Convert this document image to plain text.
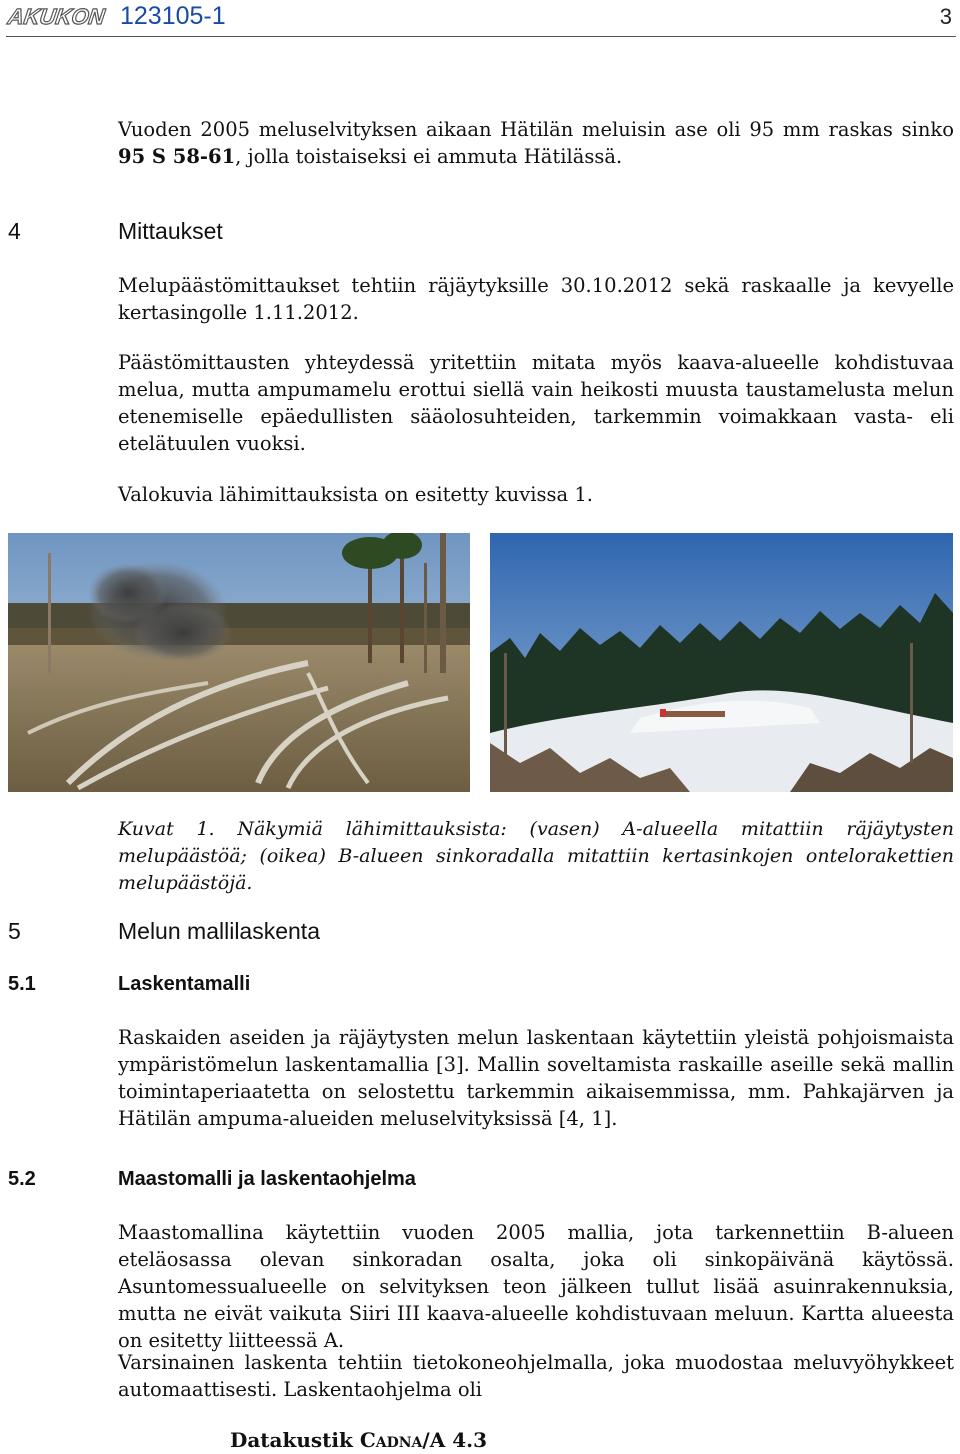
AKUKON 123105-1	3

Vuoden 2005 meluselvityksen aikaan Hätilän meluisin ase oli 95 mm raskas sinko 95 S 58-61, jolla toistaiseksi ei ammuta Hätilässä.

4	Mittaukset

Melupäästömittaukset tehtiin räjäytyksille 30.10.2012 sekä raskaalle ja kevyelle kertasingolle 1.11.2012.

Päästömittausten yhteydessä yritettiin mitata myös kaava-alueelle kohdistuvaa melua, mutta ampumamelu erottui siellä vain heikosti muusta taustamelusta melun etenemiselle epäedullisten sääolosuhteiden, tarkemmin voimakkaan vasta- eli etelätuulen vuoksi.

Valokuvia lähimittauksista on esitetty kuvissa 1.

Kuvat 1. Näkymiä lähimittauksista: (vasen) A-alueella mitattiin räjäytysten melupäästöä; (oikea) B-alueen sinkoradalla mitattiin kertasinkojen ontelorakettien melupäästöjä.

5	Melun mallilaskenta
5.1	Laskentamalli

Raskaiden aseiden ja räjäytysten melun laskentaan käytettiin yleistä pohjoismaista ympäristömelun laskentamallia [3]. Mallin soveltamista raskaille aseille sekä mallin toimintaperiaatetta on selostettu tarkemmin aikaisemmissa, mm. Pahkajärven ja Hätilän ampuma-alueiden meluselvityksissä [4, 1].

5.2	Maastomalli ja laskentaohjelma

Maastomallina käytettiin vuoden 2005 mallia, jota tarkennettiin B-alueen eteläosassa olevan sinkoradan osalta, joka oli sinkopäivänä käytössä. Asuntomessualueelle on selvityksen teon jälkeen tullut lisää asuinrakennuksia, mutta ne eivät vaikuta Siiri III kaava-alueelle kohdistuvaan meluun. Kartta alueesta on esitetty liitteessä A.

Varsinainen laskenta tehtiin tietokoneohjelmalla, joka muodostaa meluvyöhykkeet automaattisesti. Laskentaohjelma oli

Datakustik Cadna/A 4.3
